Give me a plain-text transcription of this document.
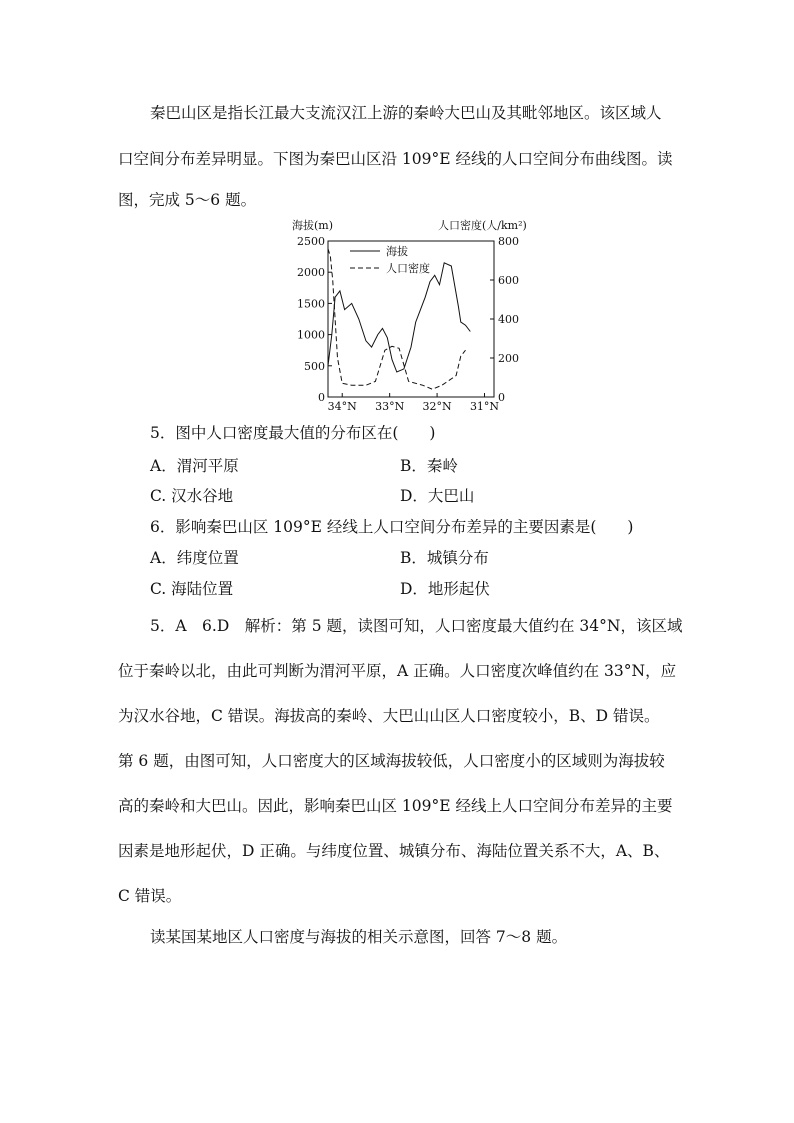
秦巴山区是指长江最大支流汉江上游的秦岭大巴山及其毗邻地区。该区域人
口空间分布差异明显。下图为秦巴山区沿 109°E 经线的人口空间分布曲线图。读
图，完成 5～6 题。
海拔(m)	人口密度(人/km²)
2500
2000
1500
1000
500
0
800
600
400
200
0
34°N 33°N 32°N 31°N
海拔
人口密度
5．图中人口密度最大值的分布区在(　　)
A．渭河平原	B．秦岭
C. 汉水谷地	D．大巴山
6．影响秦巴山区 109°E 经线上人口空间分布差异的主要因素是(　　)
A．纬度位置	B．城镇分布
C. 海陆位置	D．地形起伏
5．A　6.D　解析：第 5 题，读图可知，人口密度最大值约在 34°N，该区域
位于秦岭以北，由此可判断为渭河平原，A 正确。人口密度次峰值约在 33°N，应
为汉水谷地，C 错误。海拔高的秦岭、大巴山山区人口密度较小，B、D 错误。
第 6 题，由图可知，人口密度大的区域海拔较低，人口密度小的区域则为海拔较
高的秦岭和大巴山。因此，影响秦巴山区 109°E 经线上人口空间分布差异的主要
因素是地形起伏，D 正确。与纬度位置、城镇分布、海陆位置关系不大，A、B、
C 错误。
读某国某地区人口密度与海拔的相关示意图，回答 7～8 题。
